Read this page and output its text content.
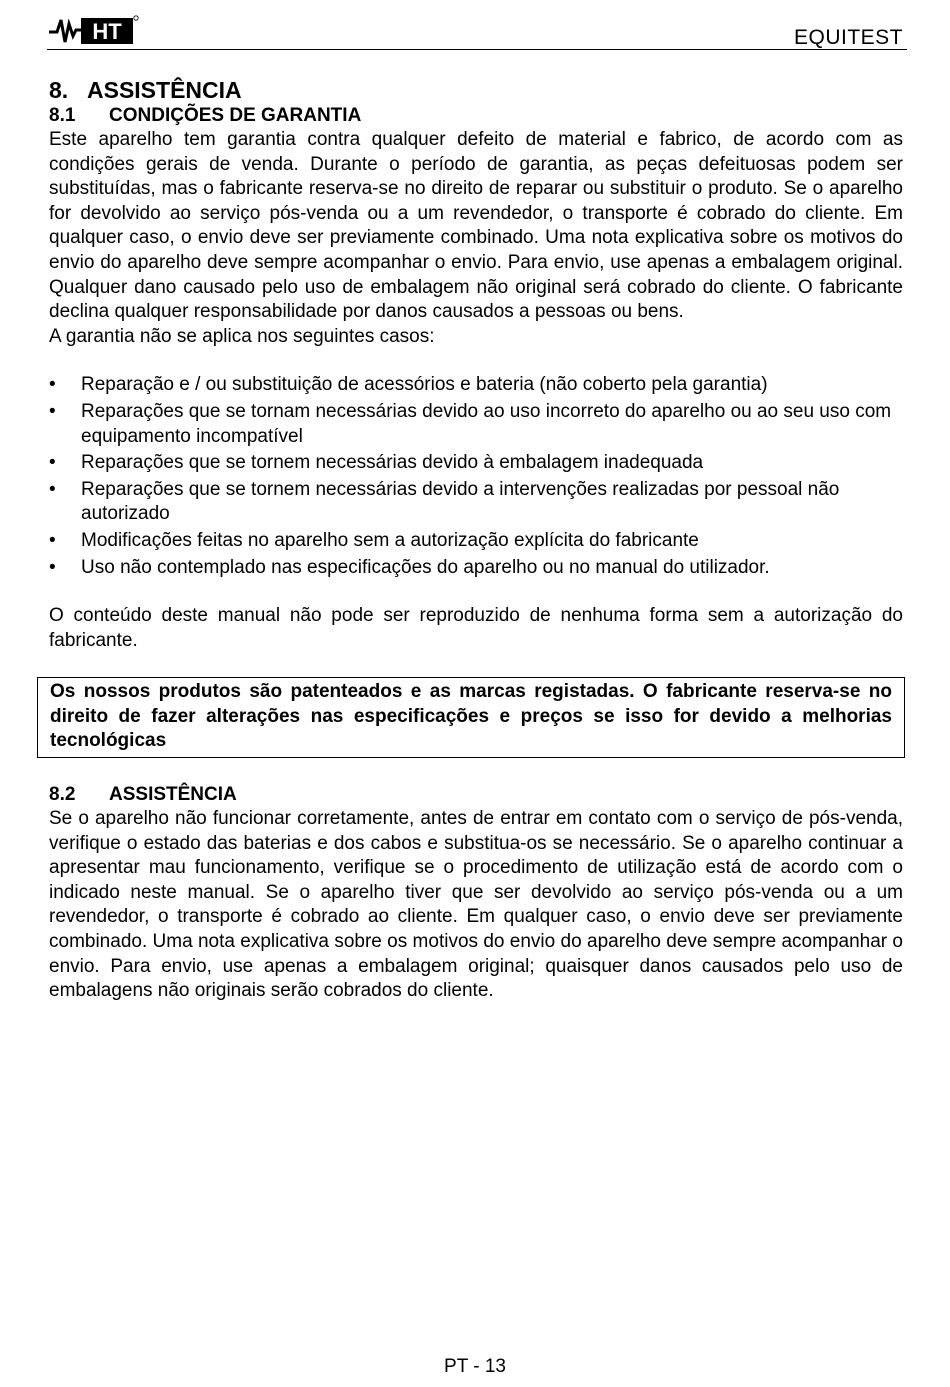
HT	EQUITEST
8. ASSISTÊNCIA
8.1 CONDIÇÕES DE GARANTIA

Este aparelho tem garantia contra qualquer defeito de material e fabrico, de acordo com as condições gerais de venda. Durante o período de garantia, as peças defeituosas podem ser substituídas, mas o fabricante reserva-se no direito de reparar ou substituir o produto. Se o aparelho for devolvido ao serviço pós-venda ou a um revendedor, o transporte é cobrado do cliente. Em qualquer caso, o envio deve ser previamente combinado. Uma nota explicativa sobre os motivos do envio do aparelho deve sempre acompanhar o envio. Para envio, use apenas a embalagem original. Qualquer dano causado pelo uso de embalagem não original será cobrado do cliente. O fabricante declina qualquer responsabilidade por danos causados a pessoas ou bens.

A garantia não se aplica nos seguintes casos:

• Reparação e / ou substituição de acessórios e bateria (não coberto pela garantia)
• Reparações que se tornam necessárias devido ao uso incorreto do aparelho ou ao seu uso com equipamento incompatível
• Reparações que se tornem necessárias devido à embalagem inadequada
• Reparações que se tornem necessárias devido a intervenções realizadas por pessoal não autorizado
• Modificações feitas no aparelho sem a autorização explícita do fabricante
• Uso não contemplado nas especificações do aparelho ou no manual do utilizador.

O conteúdo deste manual não pode ser reproduzido de nenhuma forma sem a autorização do fabricante.

Os nossos produtos são patenteados e as marcas registadas. O fabricante reserva-se no direito de fazer alterações nas especificações e preços se isso for devido a melhorias tecnológicas
8.2 ASSISTÊNCIA

Se o aparelho não funcionar corretamente, antes de entrar em contato com o serviço de pós-venda, verifique o estado das baterias e dos cabos e substitua-os se necessário. Se o aparelho continuar a apresentar mau funcionamento, verifique se o procedimento de utilização está de acordo com o indicado neste manual. Se o aparelho tiver que ser devolvido ao serviço pós-venda ou a um revendedor, o transporte é cobrado ao cliente. Em qualquer caso, o envio deve ser previamente combinado. Uma nota explicativa sobre os motivos do envio do aparelho deve sempre acompanhar o envio. Para envio, use apenas a embalagem original; quaisquer danos causados pelo uso de embalagens não originais serão cobrados do cliente.

PT - 13
